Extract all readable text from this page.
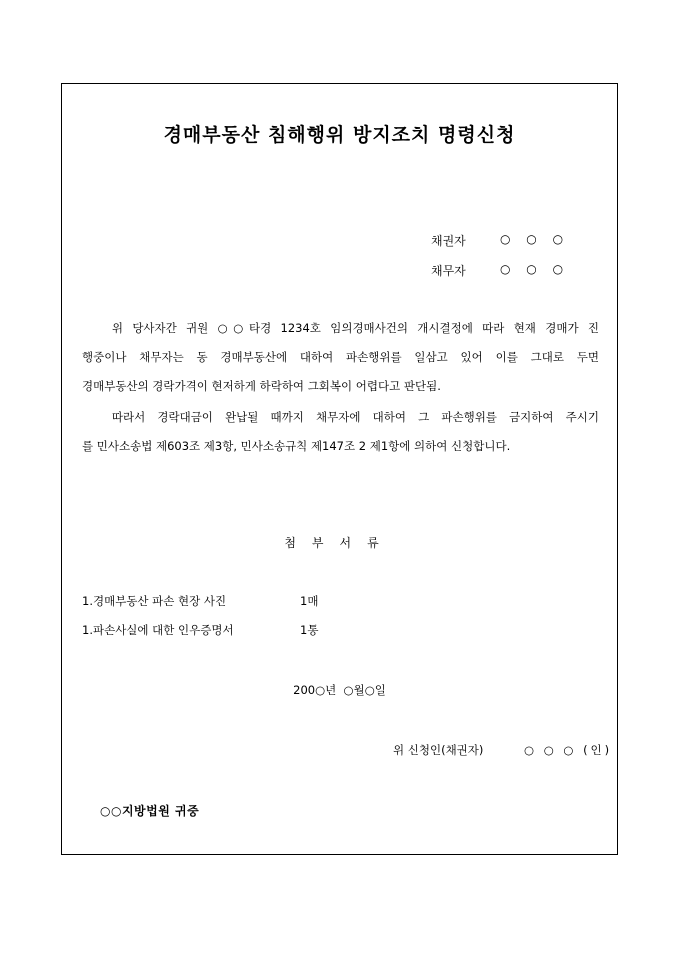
경매부동산 침해행위 방지조치 명령신청
채권자	○ ○ ○
채무자	○ ○ ○
위 당사자간 귀원 ○○타경 1234호 임의경매사건의 개시결정에 따라 현재 경매가 진
행중이나 채무자는 동 경매부동산에 대하여 파손행위를 일삼고 있어 이를 그대로 두면
경매부동산의 경락가격이 현저하게 하락하여 그회복이 어렵다고 판단됨.
따라서 경락대금이 완납될 때까지 채무자에 대하여 그 파손행위를 금지하여 주시기
를 민사소송법 제603조 제3항, 민사소송규칙 제147조 2 제1항에 의하여 신청합니다.
첨부서류
1.경매부동산 파손 현장 사진	1매
1.파손사실에 대한 인우증명서	1통
200○년  ○월○일
위 신청인(채권자)	○ ○ ○ (인)
○○지방법원 귀중
